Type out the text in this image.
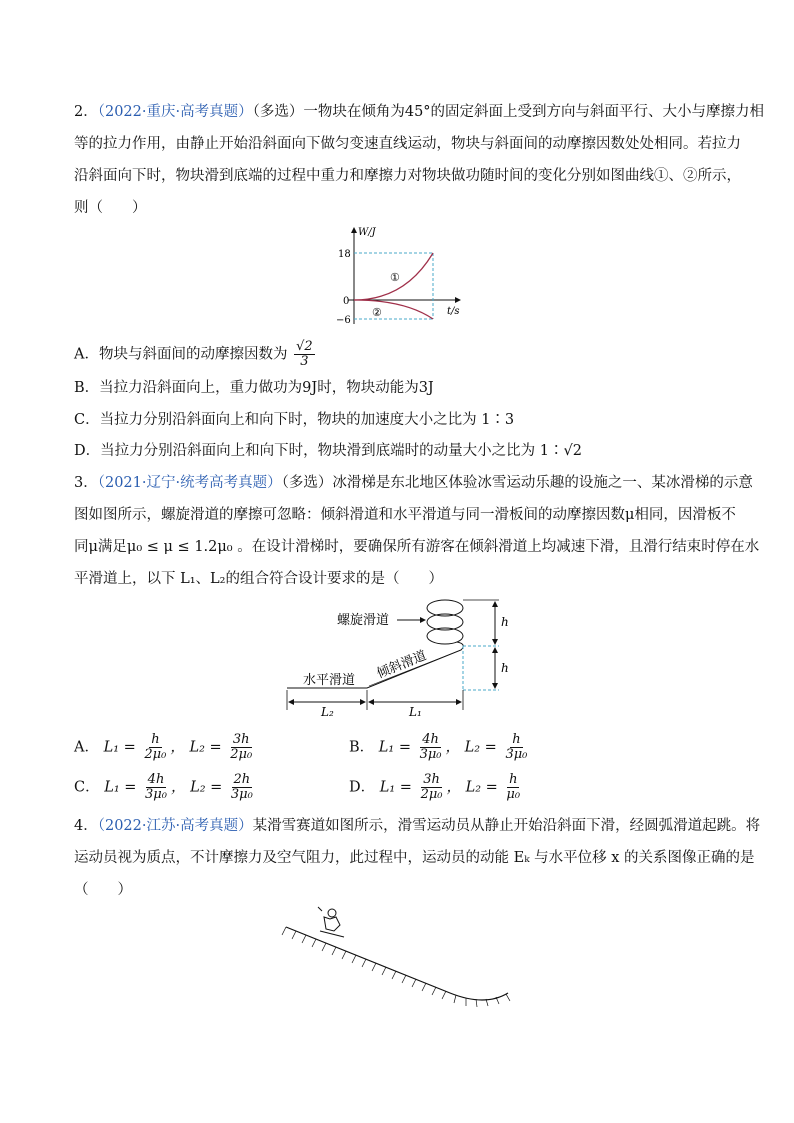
2．（2022·重庆·高考真题）（多选）一物块在倾角为45°的固定斜面上受到方向与斜面平行、大小与摩擦力相
等的拉力作用，由静止开始沿斜面向下做匀变速直线运动，物块与斜面间的动摩擦因数处处相同。若拉力
沿斜面向下时，物块滑到底端的过程中重力和摩擦力对物块做功随时间的变化分别如图曲线①、②所示，
则（　　）
W/J
t/s
18
0
−6
①
②
A．物块与斜面间的动摩擦因数为 $\frac{√2}{3}$
B．当拉力沿斜面向上，重力做功为9J时，物块动能为3J
C．当拉力分别沿斜面向上和向下时，物块的加速度大小之比为 1∶3
D．当拉力分别沿斜面向上和向下时，物块滑到底端时的动量大小之比为 1∶√2
3．（2021·辽宁·统考高考真题）（多选）冰滑梯是东北地区体验冰雪运动乐趣的设施之一、某冰滑梯的示意
图如图所示，螺旋滑道的摩擦可忽略：倾斜滑道和水平滑道与同一滑板间的动摩擦因数μ相同，因滑板不
同μ满足μ₀ ≤ μ ≤ 1.2μ₀ 。在设计滑梯时，要确保所有游客在倾斜滑道上均减速下滑，且滑行结束时停在水
平滑道上，以下 L₁、L₂的组合符合设计要求的是（　　）
h
h
螺旋滑道
倾斜滑道
水平滑道
L₂	L₁
A． $L_1 = \frac{h}{\text{2μ₀}}$ ， $L_2 = \frac{3h}{\text{2μ₀}}$	B． $L_1 = \frac{4h}{\text{3μ₀}}$ ， $L_2 = \frac{h}{\text{3μ₀}}$
C． $L_1 = \frac{4h}{\text{3μ₀}}$ ， $L_2 = \frac{2h}{\text{3μ₀}}$	D． $L_1 = \frac{3h}{\text{2μ₀}}$ ， $L_2 = \frac{h}{\text{μ₀}}$
4．（2022·江苏·高考真题）某滑雪赛道如图所示，滑雪运动员从静止开始沿斜面下滑，经圆弧滑道起跳。将
运动员视为质点，不计摩擦力及空气阻力，此过程中，运动员的动能 Eₖ 与水平位移 x 的关系图像正确的是
（　　）
